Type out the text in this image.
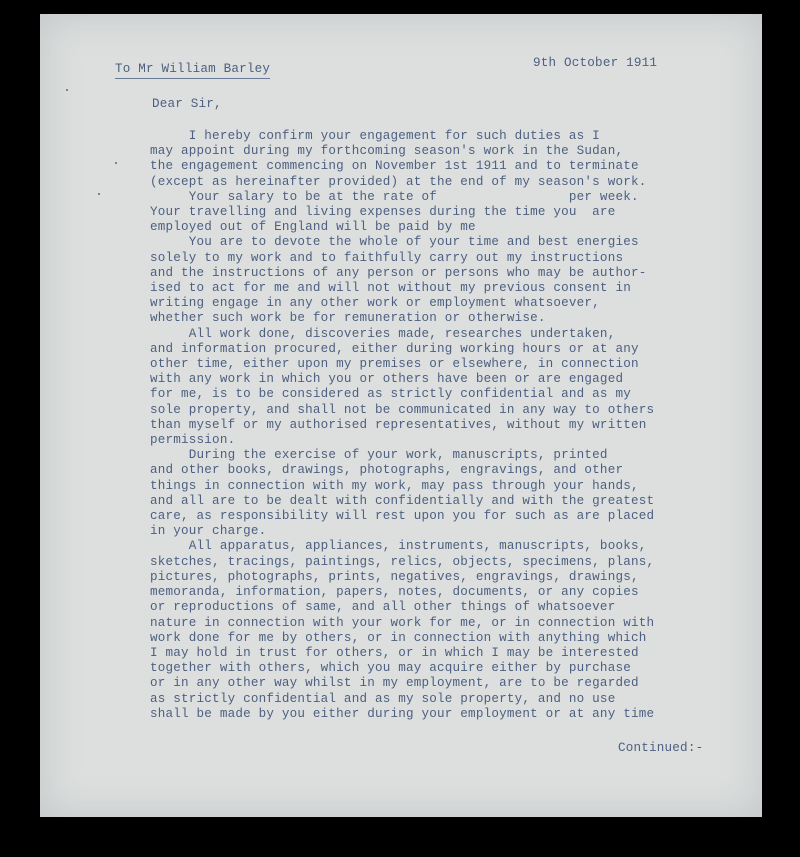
To Mr William Barley	9th October 1911
Dear Sir,
I hereby confirm your engagement for such duties as I
may appoint during my forthcoming season's work in the Sudan,
the engagement commencing on November 1st 1911 and to terminate
(except as hereinafter provided) at the end of my season's work.
Your salary to be at the rate of                 per week.
Your travelling and living expenses during the time you  are
employed out of England will be paid by me
You are to devote the whole of your time and best energies
solely to my work and to faithfully carry out my instructions
and the instructions of any person or persons who may be author-
ised to act for me and will not without my previous consent in
writing engage in any other work or employment whatsoever,
whether such work be for remuneration or otherwise.
All work done, discoveries made, researches undertaken,
and information procured, either during working hours or at any
other time, either upon my premises or elsewhere, in connection
with any work in which you or others have been or are engaged
for me, is to be considered as strictly confidential and as my
sole property, and shall not be communicated in any way to others
than myself or my authorised representatives, without my written
permission.
During the exercise of your work, manuscripts, printed
and other books, drawings, photographs, engravings, and other
things in connection with my work, may pass through your hands,
and all are to be dealt with confidentially and with the greatest
care, as responsibility will rest upon you for such as are placed
in your charge.
All apparatus, appliances, instruments, manuscripts, books,
sketches, tracings, paintings, relics, objects, specimens, plans,
pictures, photographs, prints, negatives, engravings, drawings,
memoranda, information, papers, notes, documents, or any copies
or reproductions of same, and all other things of whatsoever
nature in connection with your work for me, or in connection with
work done for me by others, or in connection with anything which
I may hold in trust for others, or in which I may be interested
together with others, which you may acquire either by purchase
or in any other way whilst in my employment, are to be regarded
as strictly confidential and as my sole property, and no use
shall be made by you either during your employment or at any time
Continued:-
